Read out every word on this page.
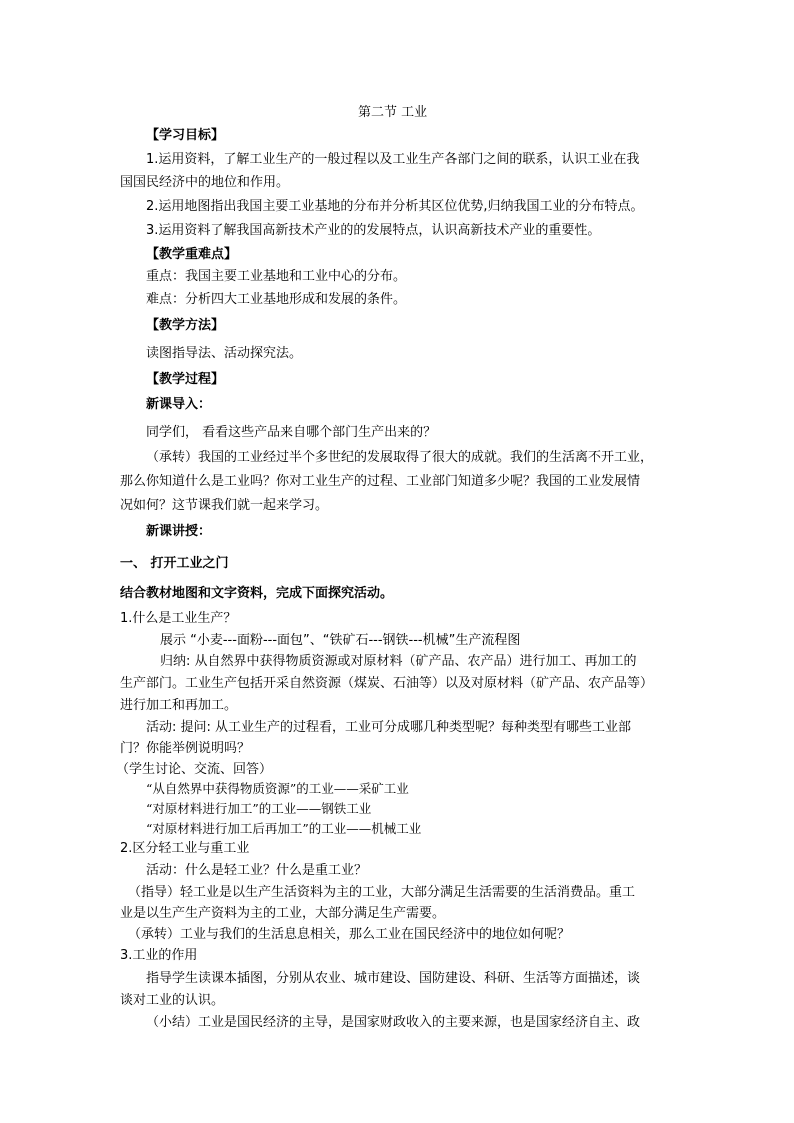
第二节 工业
【学习目标】
1.运用资料，了解工业生产的一般过程以及工业生产各部门之间的联系，认识工业在我
国国民经济中的地位和作用。
2.运用地图指出我国主要工业基地的分布并分析其区位优势,归纳我国工业的分布特点。
3.运用资料了解我国高新技术产业的的发展特点，认识高新技术产业的重要性。
【教学重难点】
重点：我国主要工业基地和工业中心的分布。
难点：分析四大工业基地形成和发展的条件。
【教学方法】
读图指导法、活动探究法。
【教学过程】
新课导入：
同学们， 看看这些产品来自哪个部门生产出来的？
（承转）我国的工业经过半个多世纪的发展取得了很大的成就。我们的生活离不开工业，
那么你知道什么是工业吗？你对工业生产的过程、工业部门知道多少呢？我国的工业发展情
况如何？这节课我们就一起来学习。
新课讲授：
一、 打开工业之门
结合教材地图和文字资料，完成下面探究活动。
1.什么是工业生产？
展示 “小麦---面粉---面包”、“铁矿石---钢铁---机械”生产流程图
归纳: 从自然界中获得物质资源或对原材料（矿产品、农产品）进行加工、再加工的
生产部门。工业生产包括开采自然资源（煤炭、石油等）以及对原材料（矿产品、农产品等）
进行加工和再加工。
活动: 提问: 从工业生产的过程看，工业可分成哪几种类型呢？每种类型有哪些工业部
门？你能举例说明吗？
（学生讨论、交流、回答）
“从自然界中获得物质资源”的工业——采矿工业
“对原材料进行加工”的工业——钢铁工业
“对原材料进行加工后再加工”的工业——机械工业
2.区分轻工业与重工业
活动：什么是轻工业？什么是重工业？
（指导）轻工业是以生产生活资料为主的工业，大部分满足生活需要的生活消费品。重工
业是以生产生产资料为主的工业，大部分满足生产需要。
（承转）工业与我们的生活息息相关，那么工业在国民经济中的地位如何呢？
3.工业的作用
指导学生读课本插图，分别从农业、城市建设、国防建设、科研、生活等方面描述，谈
谈对工业的认识。
（小结）工业是国民经济的主导，是国家财政收入的主要来源，也是国家经济自主、政
